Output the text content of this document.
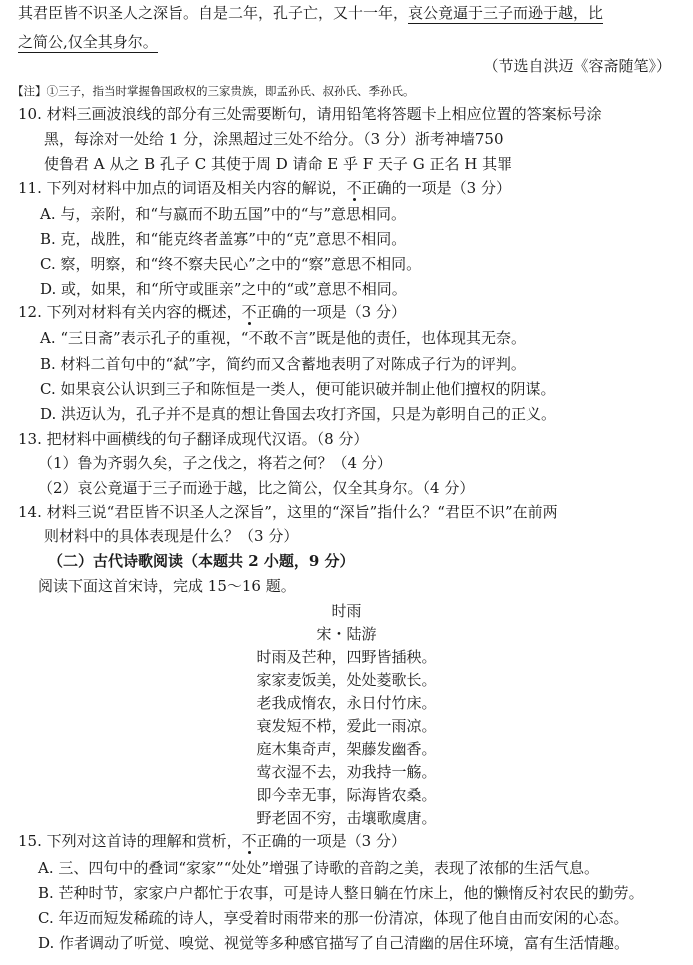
其君臣皆不识圣人之深旨。自是二年，孔子亡，又十一年，哀公竟逼于三子而逊于越，比
之简公,仅全其身尔。
（节选自洪迈《容斋随笔》）
【注】①三子，指当时掌握鲁国政权的三家贵族，即孟孙氏、叔孙氏、季孙氏。
10. 材料三画波浪线的部分有三处需要断句，请用铅笔将答题卡上相应位置的答案标号涂
黑，每涂对一处给 1 分，涂黑超过三处不给分。（3 分）浙考神墙750
使鲁君 A 从之 B 孔子 C 其使于周 D 请命 E 乎 F 天子 G 正名 H 其罪
11. 下列对材料中加点的词语及相关内容的解说，不正确的一项是（3 分）
A. 与，亲附，和“与嬴而不助五国”中的“与”意思相同。
B. 克，战胜，和“能克终者盖寡”中的“克”意思不相同。
C. 察，明察，和“终不察夫民心”之中的“察”意思不相同。
D. 或，如果，和“所守或匪亲”之中的“或”意思不相同。
12. 下列对材料有关内容的概述，不正确的一项是（3 分）
A. “三日斋”表示孔子的重视，“不敢不言”既是他的责任，也体现其无奈。
B. 材料二首句中的“弑”字，简约而又含蓄地表明了对陈成子行为的评判。
C. 如果哀公认识到三子和陈恒是一类人，便可能识破并制止他们擅权的阴谋。
D. 洪迈认为，孔子并不是真的想让鲁国去攻打齐国，只是为彰明自己的正义。
13. 把材料中画横线的句子翻译成现代汉语。（8 分）
（1）鲁为齐弱久矣，子之伐之，将若之何？（4 分）
（2）哀公竟逼于三子而逊于越，比之简公，仅全其身尔。（4 分）
14. 材料三说“君臣皆不识圣人之深旨”，这里的“深旨”指什么？“君臣不识”在前两
则材料中的具体表现是什么？（3 分）
（二）古代诗歌阅读（本题共 2 小题，9 分）
阅读下面这首宋诗，完成 15～16 题。
时雨
宋・陆游
时雨及芒种，四野皆插秧。
家家麦饭美，处处菱歌长。
老我成惰农，永日付竹床。
衰发短不栉，爱此一雨凉。
庭木集奇声，架藤发幽香。
莺衣湿不去，劝我持一觞。
即今幸无事，际海皆农桑。
野老固不穷，击壤歌虞唐。
15. 下列对这首诗的理解和赏析，不正确的一项是（3 分）
A. 三、四句中的叠词“家家”“处处”增强了诗歌的音韵之美，表现了浓郁的生活气息。
B. 芒种时节，家家户户都忙于农事，可是诗人整日躺在竹床上，他的懒惰反衬农民的勤劳。
C. 年迈而短发稀疏的诗人，享受着时雨带来的那一份清凉，体现了他自由而安闲的心态。
D. 作者调动了听觉、嗅觉、视觉等多种感官描写了自己清幽的居住环境，富有生活情趣。
